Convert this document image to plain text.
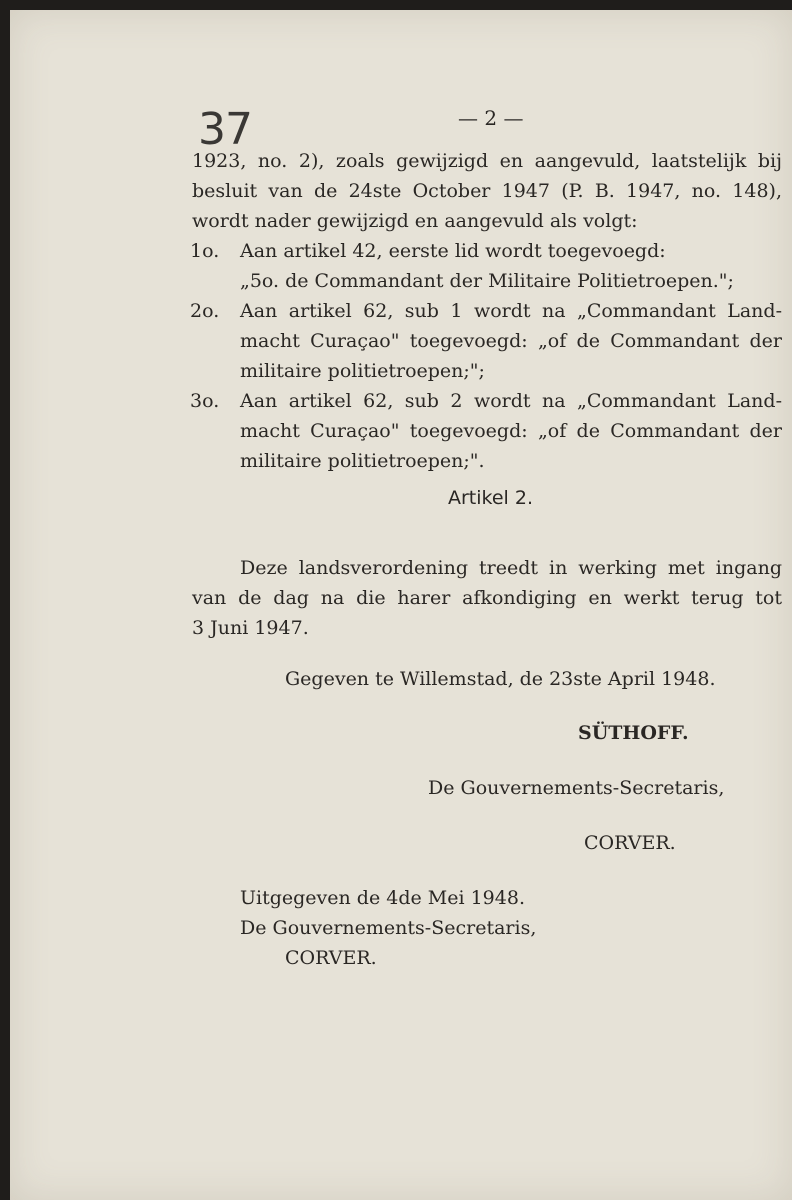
37	— 2 —
1923, no. 2), zoals gewijzigd en aangevuld, laatstelijk bij
besluit van de 24ste October 1947 (P. B. 1947, no. 148),
wordt nader gewijzigd en aangevuld als volgt:
1o. Aan artikel 42, eerste lid wordt toegevoegd:
„5o. de Commandant der Militaire Politietroepen.";
2o. Aan artikel 62, sub 1 wordt na „Commandant Land-
macht Curaçao" toegevoegd: „of de Commandant der
militaire politietroepen;";
3o. Aan artikel 62, sub 2 wordt na „Commandant Land-
macht Curaçao" toegevoegd: „of de Commandant der
militaire politietroepen;".
Artikel 2.
Deze landsverordening treedt in werking met ingang
van de dag na die harer afkondiging en werkt terug tot
3 Juni 1947.
Gegeven te Willemstad, de 23ste April 1948.
SÜTHOFF.
De Gouvernements-Secretaris,
CORVER.
Uitgegeven de 4de Mei 1948.
De Gouvernements-Secretaris,
CORVER.
